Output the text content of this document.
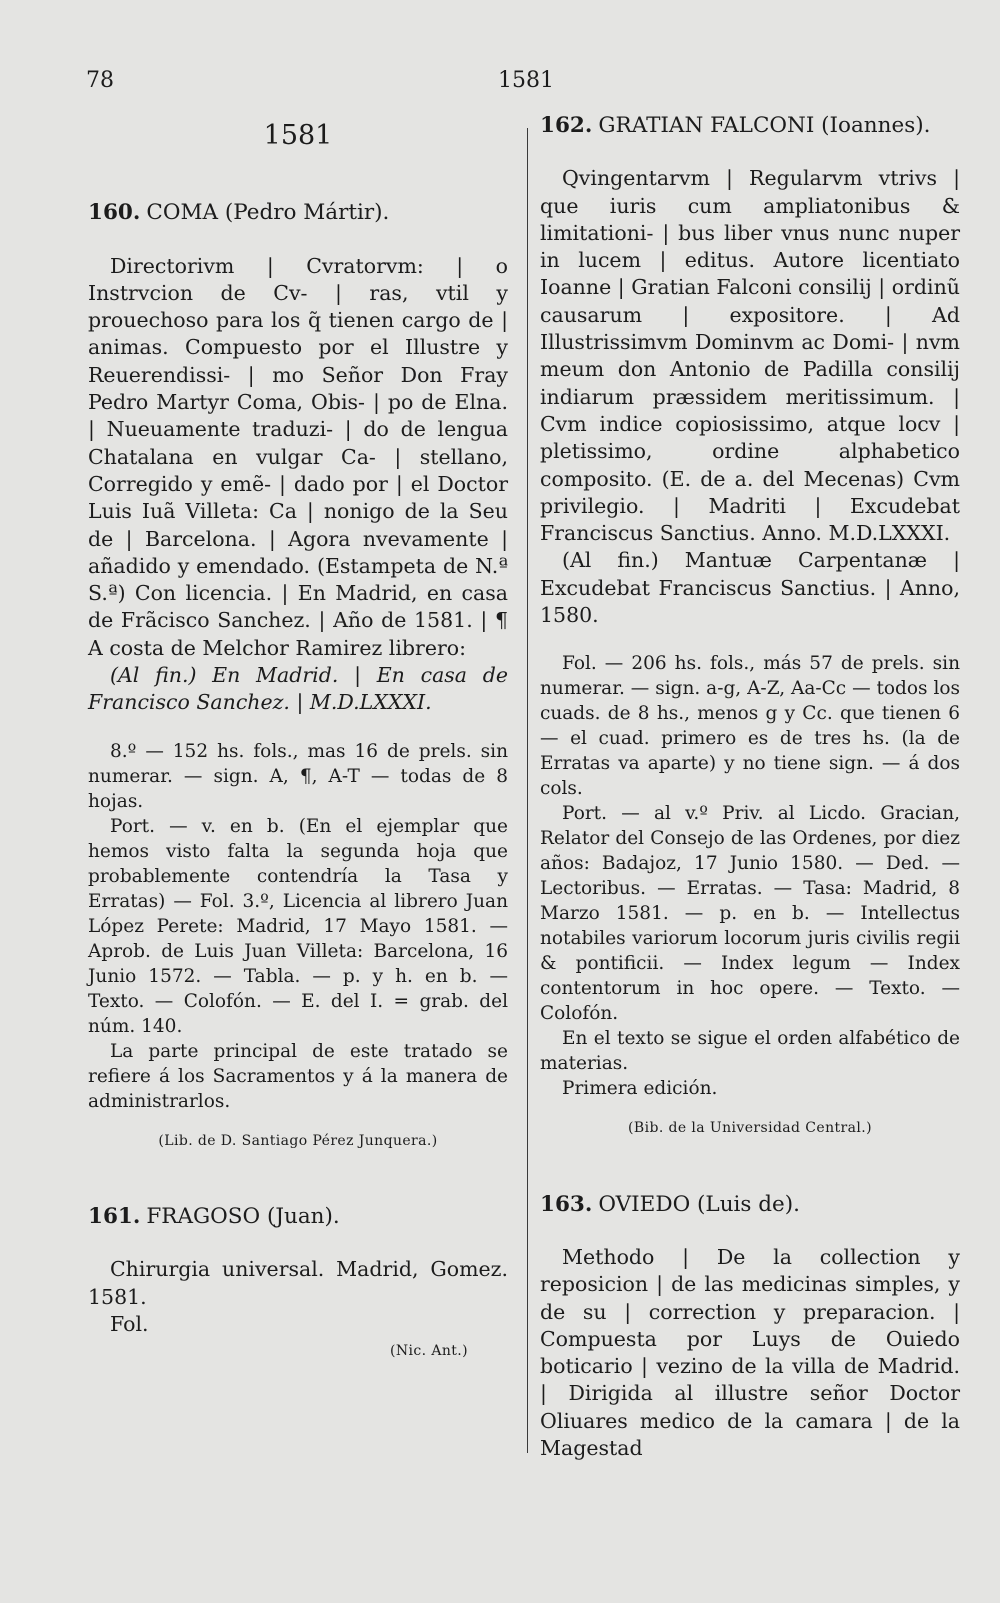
78	1581
1581
160. COMA (Pedro Mártir).

Directorivm | Cvratorvm: | o Instrvcion de Cv- | ras, vtil y prouechoso para los q̃ tienen cargo de | animas. Compuesto por el Illustre y Reuerendissi- | mo Señor Don Fray Pedro Martyr Coma, Obis- | po de Elna. | Nueuamente traduzi- | do de lengua Chatalana en vulgar Ca- | stellano, Corregido y emẽ- | dado por | el Doctor Luis Iuã Villeta: Ca | nonigo de la Seu de | Barcelona. | Agora nvevamente | añadido y emendado. (Estampeta de N.ª S.ª) Con licencia. | En Madrid, en casa de Frãcisco Sanchez. | Año de 1581. | ¶ A costa de Melchor Ramirez librero:

(Al fin.) En Madrid. | En casa de Francisco Sanchez. | M.D.LXXXI.

8.º — 152 hs. fols., mas 16 de prels. sin numerar. — sign. A, ¶, A-T — todas de 8 hojas.

Port. — v. en b. (En el ejemplar que hemos visto falta la segunda hoja que probablemente contendría la Tasa y Erratas) — Fol. 3.º, Licencia al librero Juan López Perete: Madrid, 17 Mayo 1581. — Aprob. de Luis Juan Villeta: Barcelona, 16 Junio 1572. — Tabla. — p. y h. en b. — Texto. — Colofón. — E. del I. = grab. del núm. 140.

La parte principal de este tratado se refiere á los Sacramentos y á la manera de administrarlos.

(Lib. de D. Santiago Pérez Junquera.)
161. FRAGOSO (Juan).

Chirurgia universal. Madrid, Gomez. 1581.

Fol.

(Nic. Ant.)
162. GRATIAN FALCONI (Ioannes).

Qvingentarvm | Regularvm vtrivs | que iuris cum ampliatonibus & limitationi- | bus liber vnus nunc nuper in lucem | editus. Autore licentiato Ioanne | Gratian Falconi consilij | ordinũ causarum | expositore. | Ad Illustrissimvm Dominvm ac Domi- | nvm meum don Antonio de Padilla consilij indiarum præssidem meritissimum. | Cvm indice copiosissimo, atque locv | pletissimo, ordine alphabetico composito. (E. de a. del Mecenas) Cvm privilegio. | Madriti | Excudebat Franciscus Sanctius. Anno. M.D.LXXXI.

(Al fin.) Mantuæ Carpentanæ | Excudebat Franciscus Sanctius. | Anno, 1580.

Fol. — 206 hs. fols., más 57 de prels. sin numerar. — sign. a-g, A-Z, Aa-Cc — todos los cuads. de 8 hs., menos g y Cc. que tienen 6 — el cuad. primero es de tres hs. (la de Erratas va aparte) y no tiene sign. — á dos cols.

Port. — al v.º Priv. al Licdo. Gracian, Relator del Consejo de las Ordenes, por diez años: Badajoz, 17 Junio 1580. — Ded. — Lectoribus. — Erratas. — Tasa: Madrid, 8 Marzo 1581. — p. en b. — Intellectus notabiles variorum locorum juris civilis regii & pontificii. — Index legum — Index contentorum in hoc opere. — Texto. — Colofón.

En el texto se sigue el orden alfabético de materias.

Primera edición.

(Bib. de la Universidad Central.)
163. OVIEDO (Luis de).

Methodo | De la collection y reposicion | de las medicinas simples, y de su | correction y preparacion. | Compuesta por Luys de Ouiedo boticario | vezino de la villa de Madrid. | Dirigida al illustre señor Doctor Oliuares medico de la camara | de la Magestad
